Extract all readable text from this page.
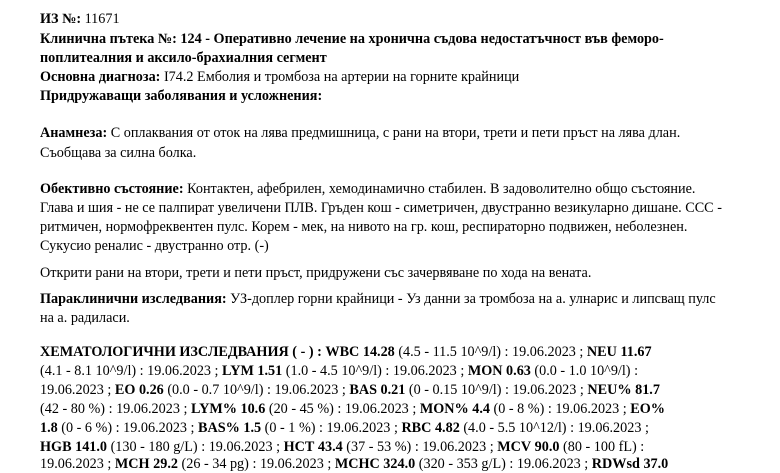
ИЗ №: 11671
Клинична пътека №: 124 - Оперативно лечение на хронична съдова недостатъчност във феморо-
поплитеалния и аксило-брахиалния сегмент
Основна диагноза: I74.2 Емболия и тромбоза на артерии на горните крайници
Придружаващи заболявания и усложнения:
Анамнеза: С оплаквания от оток на лява предмишница, с рани на втори, трети и пети пръст на лява длан.
Съобщава за силна болка.
Обективно състояние: Контактен, афебрилен, хемодинамично стабилен. В задоволително общо състояние.
Глава и шия - не се палпират увеличени ПЛВ. Гръден кош - симетричен, двустранно везикуларно дишане. ССС -
ритмичен, нормофреквентен пулс. Корем - мек, на нивото на гр. кош, респираторно подвижен, неболезнен.
Сукусио реналис - двустранно отр. (-)
Открити рани на втори, трети и пети пръст, придружени със зачервяване по хода на вената.
Параклинични изследвания: УЗ-доплер горни крайници - Уз данни за тромбоза на а. улнарис и липсващ пулс
на а. радиласи.
ХЕМАТОЛОГИЧНИ ИЗСЛЕДВАНИЯ ( - ) : WBC 14.28 (4.5 - 11.5 10^9/l) : 19.06.2023 ; NEU 11.67
(4.1 - 8.1 10^9/l) : 19.06.2023 ; LYM 1.51 (1.0 - 4.5 10^9/l) : 19.06.2023 ; MON 0.63 (0.0 - 1.0 10^9/l) :
19.06.2023 ; EO 0.26 (0.0 - 0.7 10^9/l) : 19.06.2023 ; BAS 0.21 (0 - 0.15 10^9/l) : 19.06.2023 ; NEU% 81.7
(42 - 80 %) : 19.06.2023 ; LYM% 10.6 (20 - 45 %) : 19.06.2023 ; MON% 4.4 (0 - 8 %) : 19.06.2023 ; EO%
1.8 (0 - 6 %) : 19.06.2023 ; BAS% 1.5 (0 - 1 %) : 19.06.2023 ; RBC 4.82 (4.0 - 5.5 10^12/l) : 19.06.2023 ;
HGB 141.0 (130 - 180 g/L) : 19.06.2023 ; HCT 43.4 (37 - 53 %) : 19.06.2023 ; MCV 90.0 (80 - 100 fL) :
19.06.2023 ; MCH 29.2 (26 - 34 pg) : 19.06.2023 ; MCHC 324.0 (320 - 353 g/L) : 19.06.2023 ; RDWsd 37.0
